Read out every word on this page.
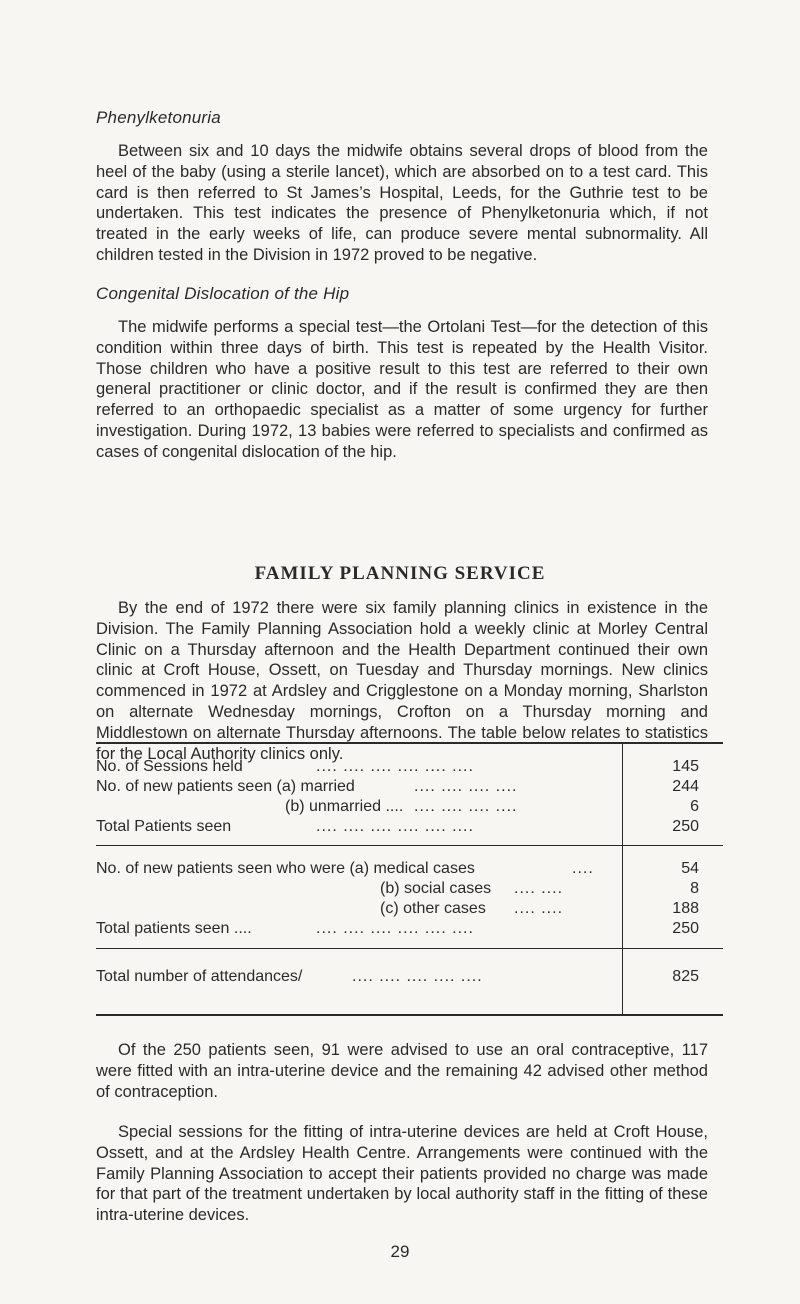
Phenylketonuria

Between six and 10 days the midwife obtains several drops of blood from the heel of the baby (using a sterile lancet), which are absorbed on to a test card. This card is then referred to St James’s Hospital, Leeds, for the Guthrie test to be undertaken. This test indicates the presence of Phenylketonuria which, if not treated in the early weeks of life, can produce severe mental subnormality. All children tested in the Division in 1972 proved to be negative.

Congenital Dislocation of the Hip

The midwife performs a special test—the Ortolani Test—for the detection of this condition within three days of birth. This test is repeated by the Health Visitor. Those children who have a positive result to this test are referred to their own general practitioner or clinic doctor, and if the result is confirmed they are then referred to an orthopaedic specialist as a matter of some urgency for further investigation. During 1972, 13 babies were referred to specialists and confirmed as cases of congenital dislocation of the hip.

FAMILY PLANNING SERVICE

By the end of 1972 there were six family planning clinics in existence in the Division. The Family Planning Association hold a weekly clinic at Morley Central Clinic on a Thursday afternoon and the Health Department continued their own clinic at Croft House, Ossett, on Tuesday and Thursday mornings. New clinics commenced in 1972 at Ardsley and Crigglestone on a Monday morning, Sharlston on alternate Wednesday mornings, Crofton on a Thursday morning and Middlestown on alternate Thursday afternoons. The table below relates to statistics for the Local Authority clinics only.

No. of Sessions held	.... .... .... .... .... ....	145
No. of new patients seen (a) married	.... .... .... ....	244
(b) unmarried .... .... .... .... ....	6
Total Patients seen	.... .... .... .... .... ....	250
No. of new patients seen who were (a) medical cases	....	54
(b) social cases .... ....	8
(c) other cases .... ....	188
Total patients seen ....	.... .... .... .... .... ....	250
Total number of attendances/	.... .... .... .... ....	825

Of the 250 patients seen, 91 were advised to use an oral contraceptive, 117 were fitted with an intra-uterine device and the remaining 42 advised other method of contraception.

Special sessions for the fitting of intra-uterine devices are held at Croft House, Ossett, and at the Ardsley Health Centre. Arrangements were continued with the Family Planning Association to accept their patients provided no charge was made for that part of the treatment undertaken by local authority staff in the fitting of these intra-uterine devices.

29
